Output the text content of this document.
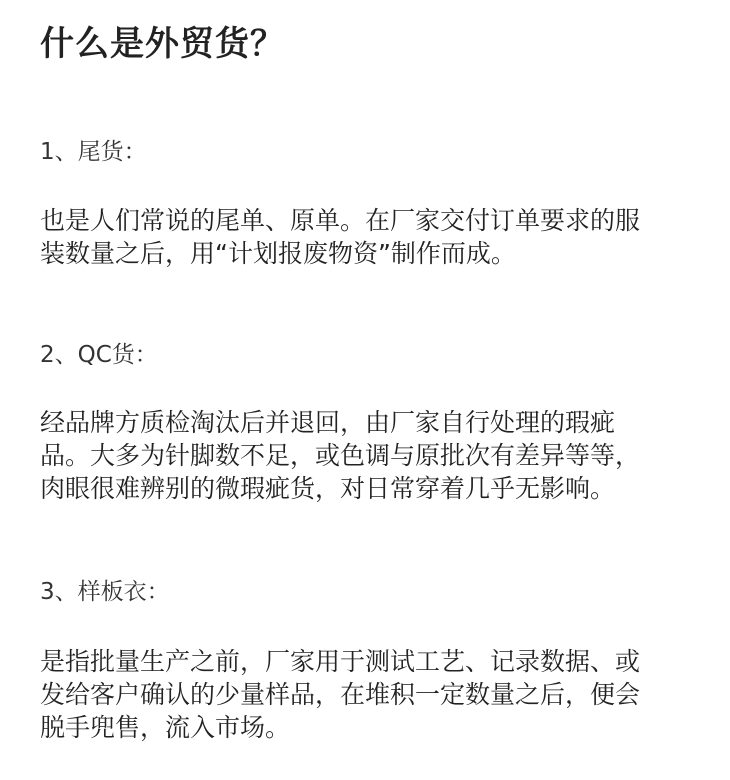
什么是外贸货？
1、尾货：
也是人们常说的尾单、原单。在厂家交付订单要求的服
装数量之后，用“计划报废物资”制作而成。
2、QC货：
经品牌方质检淘汰后并退回，由厂家自行处理的瑕疵
品。大多为针脚数不足，或色调与原批次有差异等等，
肉眼很难辨别的微瑕疵货，对日常穿着几乎无影响。
3、样板衣：
是指批量生产之前，厂家用于测试工艺、记录数据、或
发给客户确认的少量样品，在堆积一定数量之后，便会
脱手兜售，流入市场。
